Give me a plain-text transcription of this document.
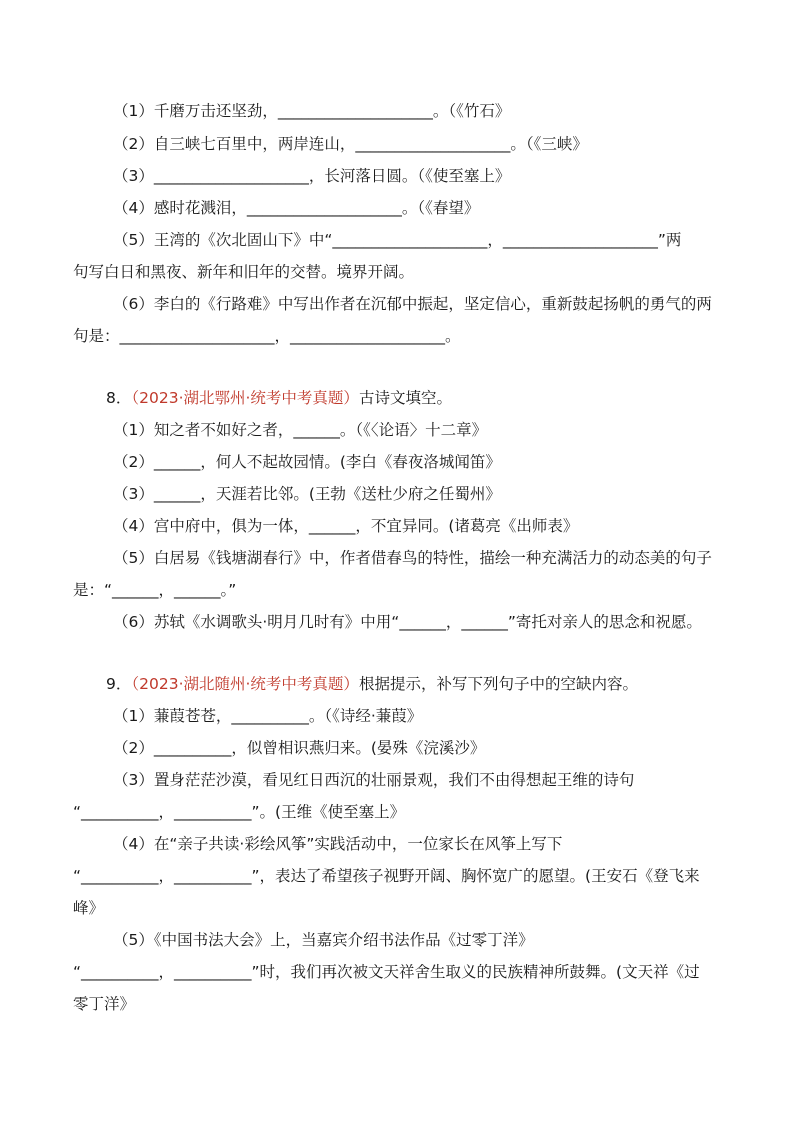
（1）千磨万击还坚劲，____________________。（《竹石》
（2）自三峡七百里中，两岸连山，____________________。（《三峡》
（3）____________________，长河落日圆。（《使至塞上》
（4）感时花溅泪，____________________。（《春望》
（5）王湾的《次北固山下》中“____________________，____________________”两
句写白日和黑夜、新年和旧年的交替。境界开阔。
（6）李白的《行路难》中写出作者在沉郁中振起，坚定信心，重新鼓起扬帆的勇气的两
句是：____________________，____________________。
8．（2023·湖北鄂州·统考中考真题）古诗文填空。
（1）知之者不如好之者，______。（《〈论语〉十二章》
（2）______，何人不起故园情。(李白《春夜洛城闻笛》
（3）______，天涯若比邻。(王勃《送杜少府之任蜀州》
（4）宫中府中，俱为一体，______，不宜异同。(诸葛亮《出师表》
（5）白居易《钱塘湖春行》中，作者借春鸟的特性，描绘一种充满活力的动态美的句子
是：“______，______。”
（6）苏轼《水调歌头·明月几时有》中用“______，______”寄托对亲人的思念和祝愿。
9．（2023·湖北随州·统考中考真题）根据提示，补写下列句子中的空缺内容。
（1）蒹葭苍苍，__________。（《诗经·蒹葭》
（2）__________，似曾相识燕归来。(晏殊《浣溪沙》
（3）置身茫茫沙漠，看见红日西沉的壮丽景观，我们不由得想起王维的诗句
“__________，__________”。(王维《使至塞上》
（4）在“亲子共读·彩绘风筝”实践活动中，一位家长在风筝上写下
“__________，__________”，表达了希望孩子视野开阔、胸怀宽广的愿望。(王安石《登飞来
峰》
（5）《中国书法大会》上，当嘉宾介绍书法作品《过零丁洋》
“__________，__________”时，我们再次被文天祥舍生取义的民族精神所鼓舞。(文天祥《过
零丁洋》
